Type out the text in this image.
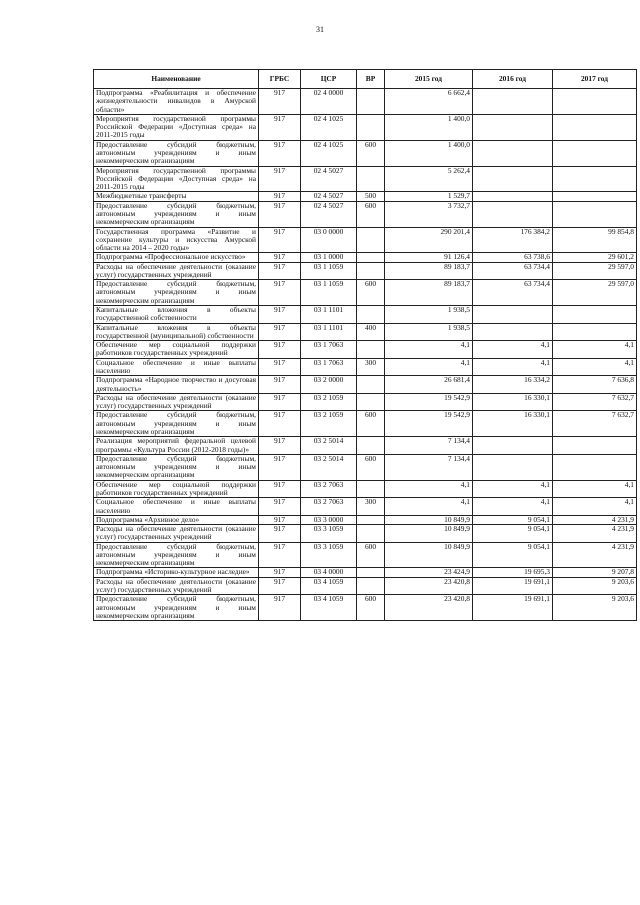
31
Наименование	ГРБС	ЦСР	ВР	2015 год	2016 год	2017 год
Подпрограмма «Реабилитация и обеспечение жизнедеятельности инвалидов в Амурской области»	917	02 4 0000		6 662,4		
Мероприятия государственной программы Российской Федерации «Доступная среда» на 2011-2015 годы	917	02 4 1025		1 400,0		
Предоставление субсидий бюджетным, автономным учреждениям и иным некоммерческим организациям	917	02 4 1025	600	1 400,0		
Мероприятия государственной программы Российской Федерации «Доступная среда» на 2011-2015 годы	917	02 4 5027		5 262,4		
Межбюджетные трансферты	917	02 4 5027	500	1 529,7		
Предоставление субсидий бюджетным, автономным учреждениям и иным некоммерческим организациям	917	02 4 5027	600	3 732,7		
Государственная программа «Развитие и сохранение культуры и искусства Амурской области на 2014 – 2020 годы»	917	03 0 0000		290 201,4	176 384,2	99 854,8
Подпрограмма «Профессиональное искусство»	917	03 1 0000		91 126,4	63 738,6	29 601,2
Расходы на обеспечение деятельности (оказание услуг) государственных учреждений	917	03 1 1059		89 183,7	63 734,4	29 597,0
Предоставление субсидий бюджетным, автономным учреждениям и иным некоммерческим организациям	917	03 1 1059	600	89 183,7	63 734,4	29 597,0
Капитальные вложения в объекты государственной собственности	917	03 1 1101		1 938,5		
Капитальные вложения в объекты государственной (муниципальной) собственности	917	03 1 1101	400	1 938,5		
Обеспечение мер социальной поддержки работников государственных учреждений	917	03 1 7063		4,1	4,1	4,1
Социальное обеспечение и иные выплаты населению	917	03 1 7063	300	4,1	4,1	4,1
Подпрограмма «Народное творчество и досуговая деятельность»	917	03 2 0000		26 681,4	16 334,2	7 636,8
Расходы на обеспечение деятельности (оказание услуг) государственных учреждений	917	03 2 1059		19 542,9	16 330,1	7 632,7
Предоставление субсидий бюджетным, автономным учреждениям и иным некоммерческим организациям	917	03 2 1059	600	19 542,9	16 330,1	7 632,7
Реализация мероприятий федеральной целевой программы «Культура России (2012-2018 годы)»	917	03 2 5014		7 134,4		
Предоставление субсидий бюджетным, автономным учреждениям и иным некоммерческим организациям	917	03 2 5014	600	7 134,4		
Обеспечение мер социальной поддержки работников государственных учреждений	917	03 2 7063		4,1	4,1	4,1
Социальное обеспечение и иные выплаты населению	917	03 2 7063	300	4,1	4,1	4,1
Подпрограмма «Архивное дело»	917	03 3 0000		10 849,9	9 054,1	4 231,9
Расходы на обеспечение деятельности (оказание услуг) государственных учреждений	917	03 3 1059		10 849,9	9 054,1	4 231,9
Предоставление субсидий бюджетным, автономным учреждениям и иным некоммерческим организациям	917	03 3 1059	600	10 849,9	9 054,1	4 231,9
Подпрограмма «Историко-культурное наследие»	917	03 4 0000		23 424,9	19 695,3	9 207,8
Расходы на обеспечение деятельности (оказание услуг) государственных учреждений	917	03 4 1059		23 420,8	19 691,1	9 203,6
Предоставление субсидий бюджетным, автономным учреждениям и иным некоммерческим организациям	917	03 4 1059	600	23 420,8	19 691,1	9 203,6
